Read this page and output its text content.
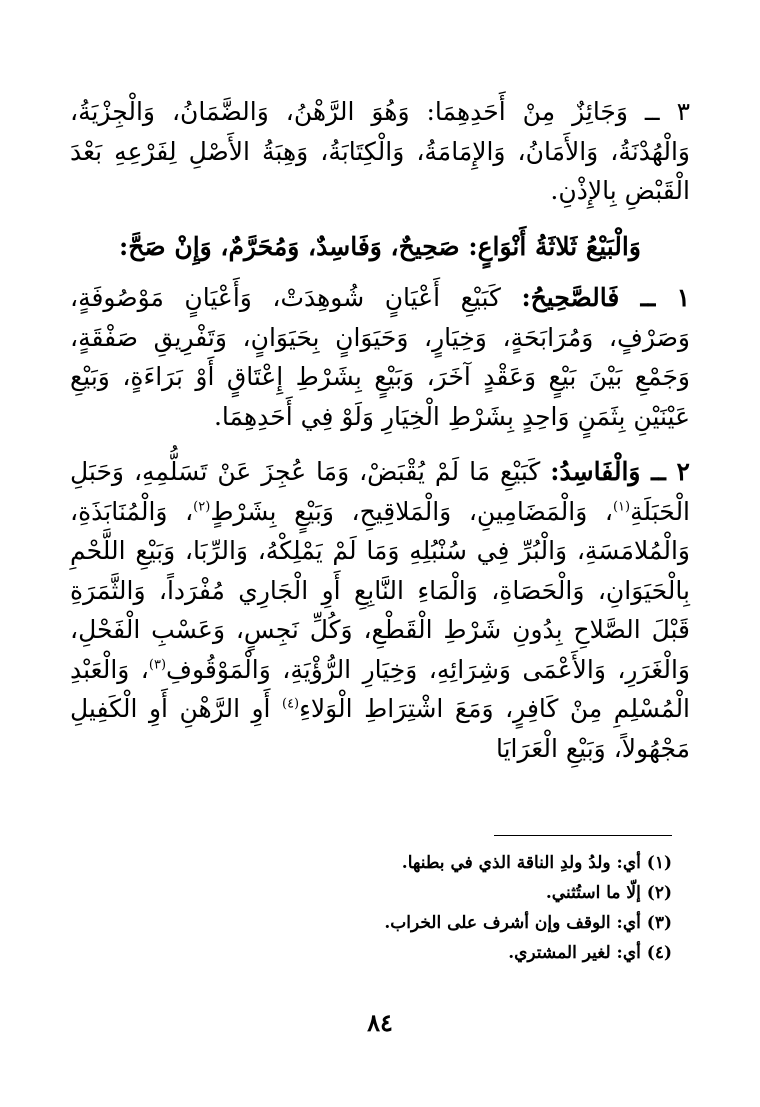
٣ ــ وَجَائِزٌ مِنْ أَحَدِهِمَا: وَهُوَ الرَّهْنُ، وَالضَّمَانُ، وَالْجِزْيَةُ، وَالْهُدْنَةُ، وَالأَمَانُ، وَالإِمَامَةُ، وَالْكِتَابَةُ، وَهِبَةُ الأَصْلِ لِفَرْعِهِ بَعْدَ الْقَبْضِ بِالإِذْنِ.

وَالْبَيْعُ ثَلاثَةُ أَنْوَاعٍ: صَحِيحٌ، وَفَاسِدٌ، وَمُحَرَّمٌ، وَإِنْ صَحَّ:

١ ــ فَالصَّحِيحُ: كَبَيْعِ أَعْيَانٍ شُوهِدَتْ، وَأَعْيَانٍ مَوْصُوفَةٍ، وَصَرْفٍ، وَمُرَابَحَةٍ، وَخِيَارٍ، وَحَيَوَانٍ بِحَيَوَانٍ، وَتَفْرِيقِ صَفْقَةٍ، وَجَمْعِ بَيْنَ بَيْعٍ وَعَقْدٍ آخَرَ، وَبَيْعٍ بِشَرْطِ إِعْتَاقٍ أَوْ بَرَاءَةٍ، وَبَيْعِ عَيْنَيْنِ بِثَمَنٍ وَاحِدٍ بِشَرْطِ الْخِيَارِ وَلَوْ فِي أَحَدِهِمَا.

٢ ــ وَالْفَاسِدُ: كَبَيْعِ مَا لَمْ يُقْبَضْ، وَمَا عُجِزَ عَنْ تَسَلُّمِهِ، وَحَبَلِ الْحَبَلَةِ$^{(١)}$، وَالْمَضَامِينِ، وَالْمَلاقِيحِ، وَبَيْعٍ بِشَرْطٍ$^{(٢)}$، وَالْمُنَابَذَةِ، وَالْمُلامَسَةِ، وَالْبُرِّ فِي سُنْبُلِهِ وَمَا لَمْ يَمْلِكْهُ، وَالرِّبَا، وَبَيْعِ اللَّحْمِ بِالْحَيَوَانِ، وَالْحَصَاةِ، وَالْمَاءِ النَّابِعِ أَوِ الْجَارِي مُفْرَداً، وَالثَّمَرَةِ قَبْلَ الصَّلاحِ بِدُونِ شَرْطِ الْقَطْعِ، وَكُلِّ نَجِسٍ، وَعَسْبِ الْفَحْلِ، وَالْغَرَرِ، وَالأَعْمَى وَشِرَائِهِ، وَخِيَارِ الرُّؤْيَةِ، وَالْمَوْقُوفِ$^{(٣)}$، وَالْعَبْدِ الْمُسْلِمِ مِنْ كَافِرٍ، وَمَعَ اشْتِرَاطِ الْوَلاءِ$^{(٤)}$ أَوِ الرَّهْنِ أَوِ الْكَفِيلِ مَجْهُولاً، وَبَيْعِ الْعَرَايَا

(١) أي: ولدُ ولدِ الناقة الذي في بطنها.

(٢) إلّا ما استُثني.

(٣) أي: الوقف وإن أشرف على الخراب.

(٤) أي: لغير المشتري.

٨٤
